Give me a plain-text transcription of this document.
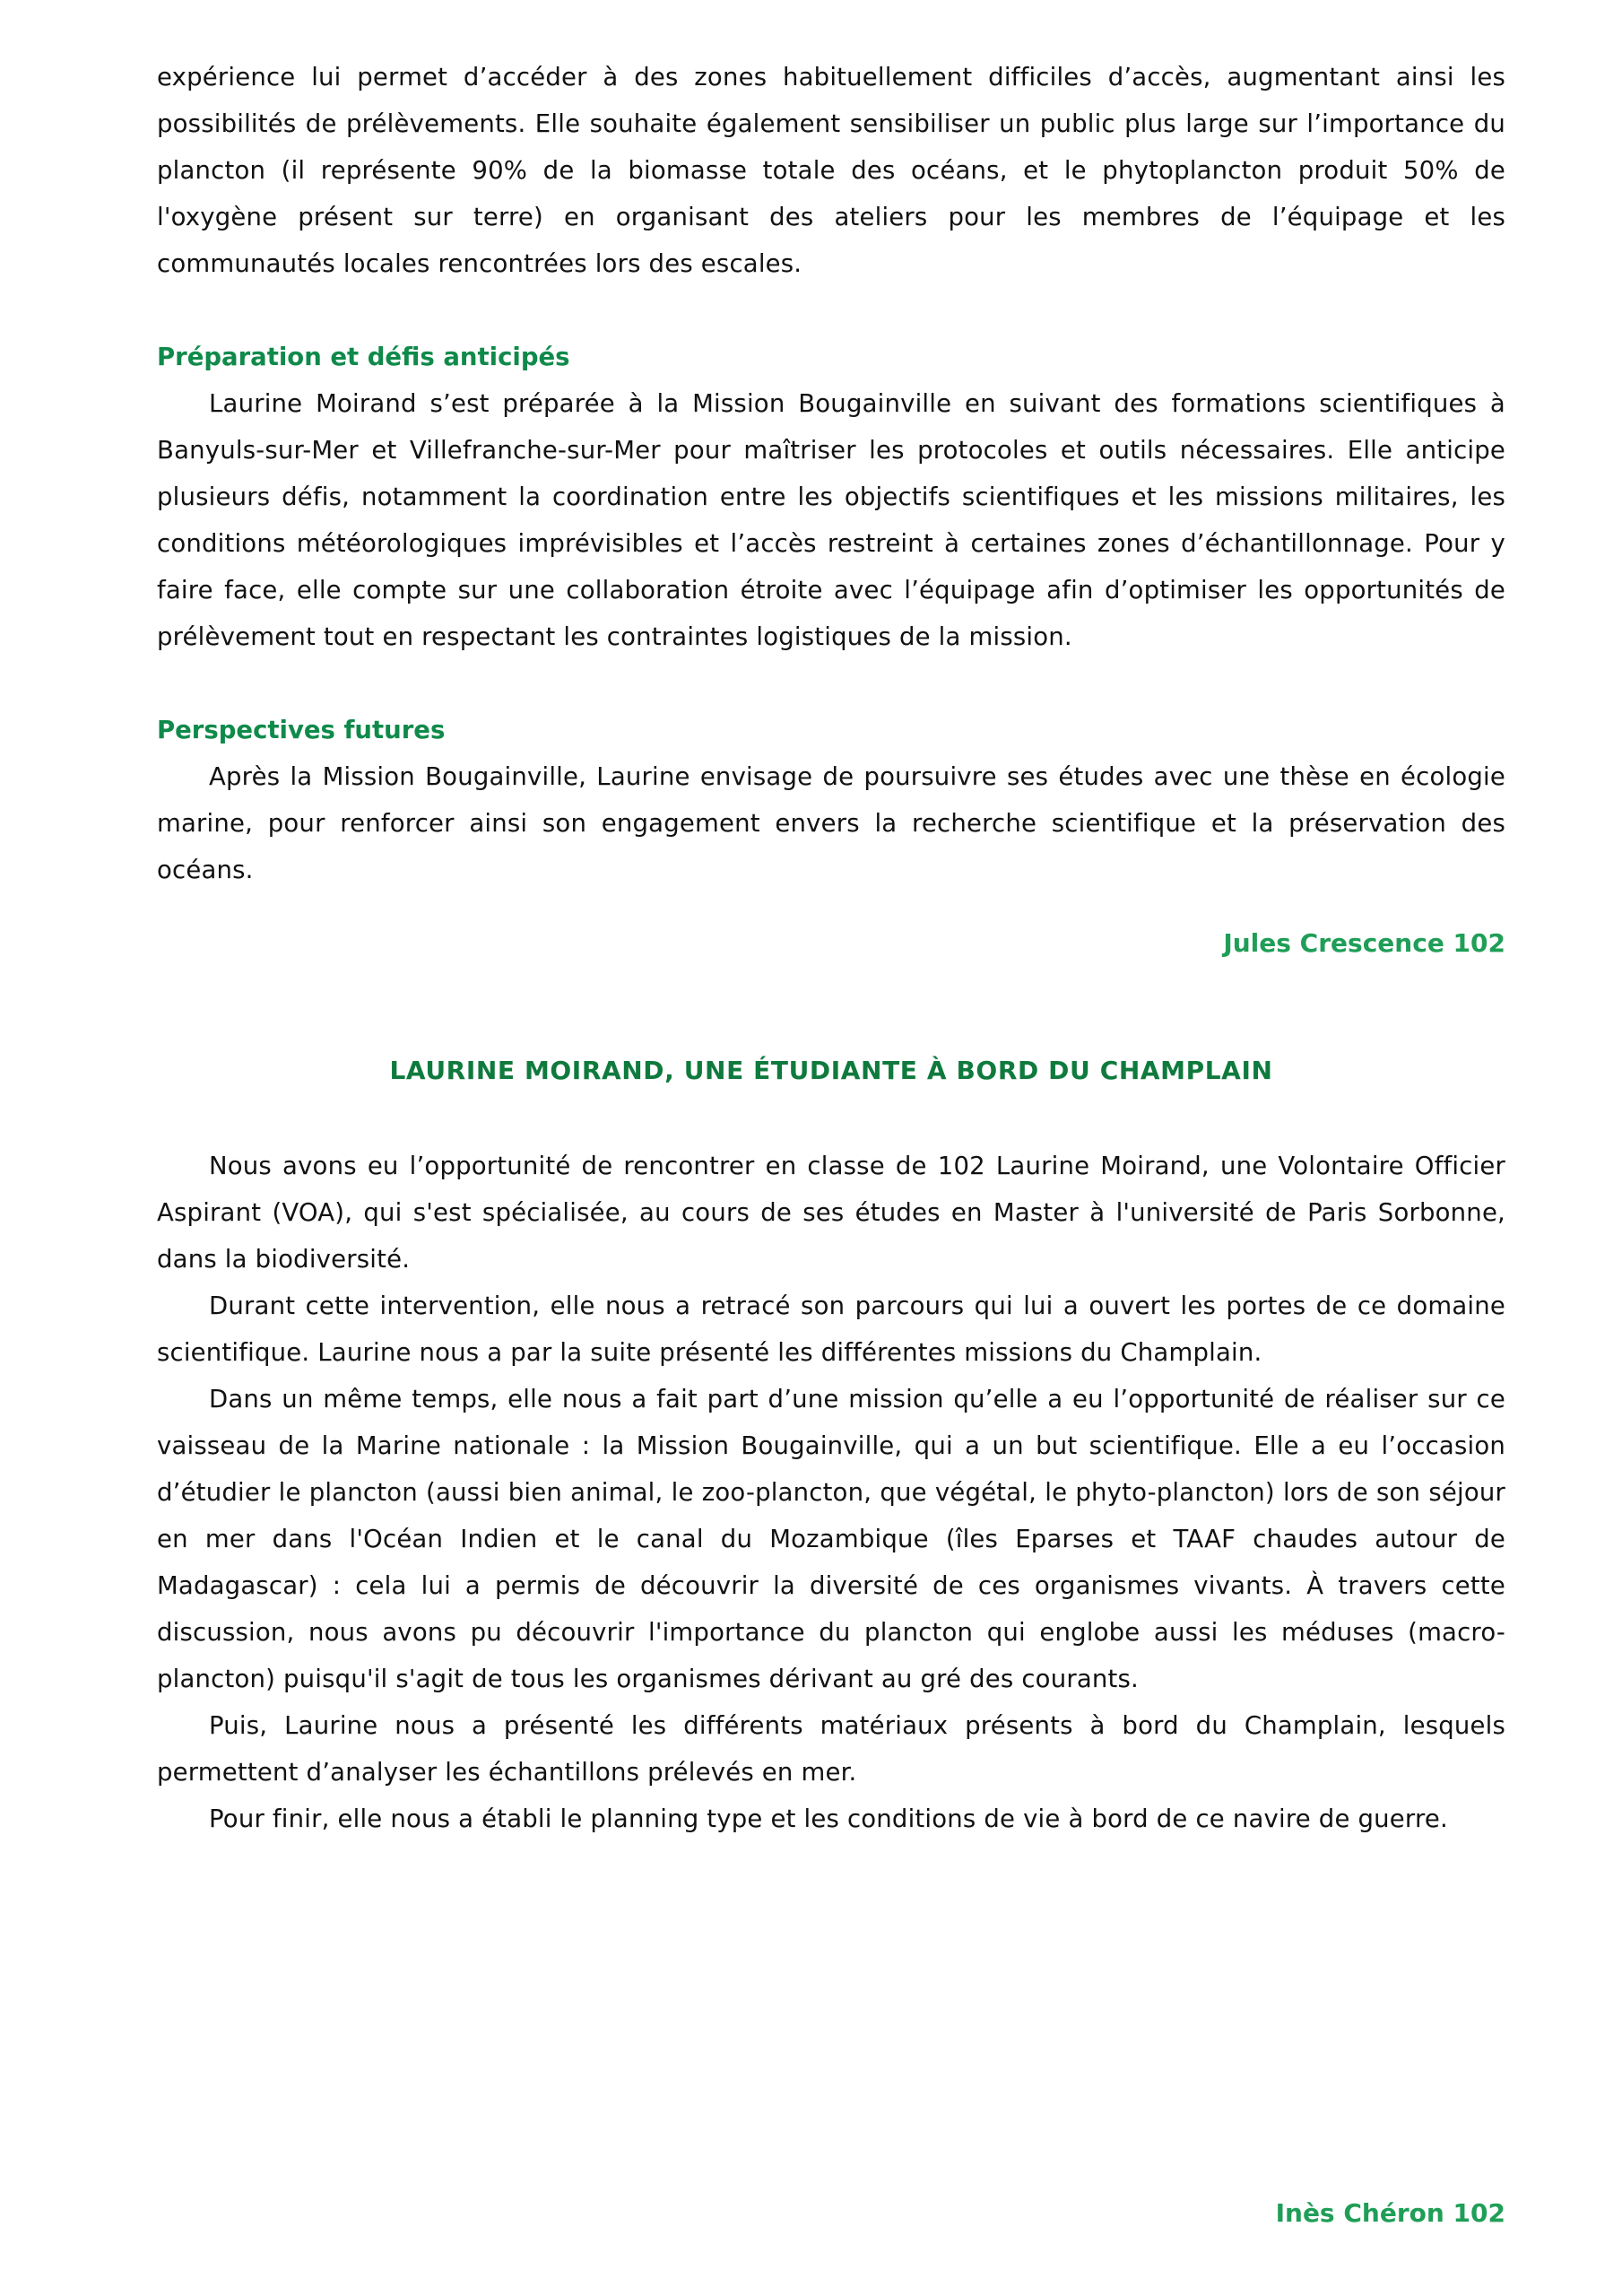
expérience lui permet d’accéder à des zones habituellement difficiles d’accès, augmentant ainsi les possibilités de prélèvements. Elle souhaite également sensibiliser un public plus large sur l’importance du plancton (il représente 90% de la biomasse totale des océans, et le phytoplancton produit 50% de l'oxygène présent sur terre) en organisant des ateliers pour les membres de l’équipage et les communautés locales rencontrées lors des escales.

Préparation et défis anticipés

Laurine Moirand s’est préparée à la Mission Bougainville en suivant des formations scientifiques à Banyuls-sur-Mer et Villefranche-sur-Mer pour maîtriser les protocoles et outils nécessaires. Elle anticipe plusieurs défis, notamment la coordination entre les objectifs scientifiques et les missions militaires, les conditions météorologiques imprévisibles et l’accès restreint à certaines zones d’échantillonnage. Pour y faire face, elle compte sur une collaboration étroite avec l’équipage afin d’optimiser les opportunités de prélèvement tout en respectant les contraintes logistiques de la mission.

Perspectives futures

Après la Mission Bougainville, Laurine envisage de poursuivre ses études avec une thèse en écologie marine, pour renforcer ainsi son engagement envers la recherche scientifique et la préservation des océans.

Jules Crescence 102

LAURINE MOIRAND, UNE ÉTUDIANTE À BORD DU CHAMPLAIN

Nous avons eu l’opportunité de rencontrer en classe de 102 Laurine Moirand, une Volontaire Officier Aspirant (VOA), qui s'est spécialisée, au cours de ses études en Master à l'université de Paris Sorbonne, dans la biodiversité.

Durant cette intervention, elle nous a retracé son parcours qui lui a ouvert les portes de ce domaine scientifique. Laurine nous a par la suite présenté les différentes missions du Champlain.

Dans un même temps, elle nous a fait part d’une mission qu’elle a eu l’opportunité de réaliser sur ce vaisseau de la Marine nationale : la Mission Bougainville, qui a un but scientifique. Elle a eu l’occasion d’étudier le plancton (aussi bien animal, le zoo-plancton, que végétal, le phyto-plancton) lors de son séjour en mer dans l'Océan Indien et le canal du Mozambique (îles Eparses et TAAF chaudes autour de Madagascar) : cela lui a permis de découvrir la diversité de ces organismes vivants. À travers cette discussion, nous avons pu découvrir l'importance du plancton qui englobe aussi les méduses (macro-plancton) puisqu'il s'agit de tous les organismes dérivant au gré des courants.

Puis, Laurine nous a présenté les différents matériaux présents à bord du Champlain, lesquels permettent d’analyser les échantillons prélevés en mer.

Pour finir, elle nous a établi le planning type et les conditions de vie à bord de ce navire de guerre.

Inès Chéron 102
